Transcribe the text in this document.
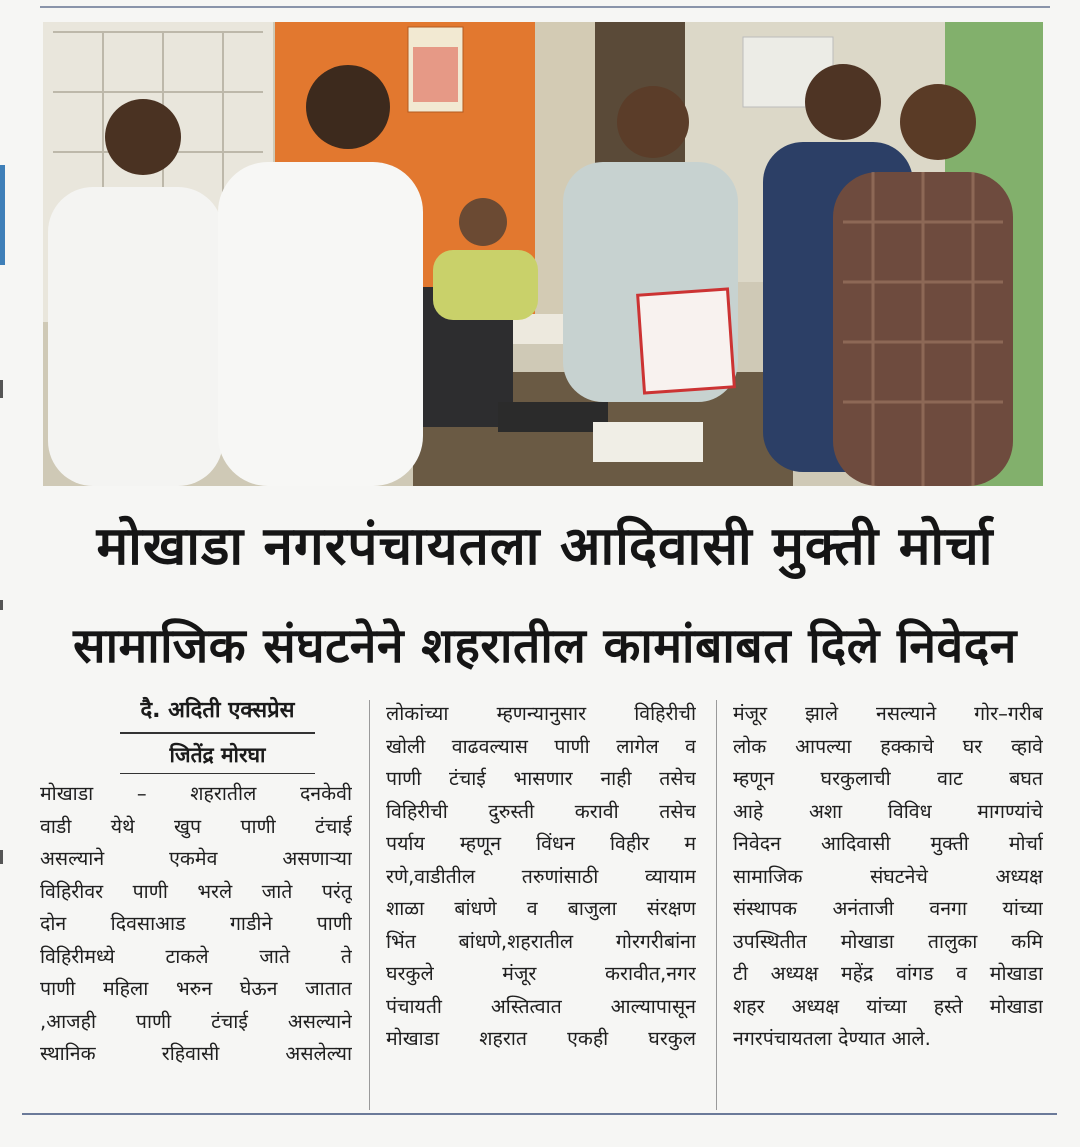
मोखाडा नगरपंचायतला आदिवासी मुक्ती मोर्चा
सामाजिक संघटनेने शहरातील कामांबाबत दिले निवेदन
दै. अदिती एक्सप्रेस
जितेंद्र मोरघा
मोखाडा – शहरातील दनकेवी
वाडी येथे खुप पाणी टंचाई
असल्याने एकमेव असणाऱ्या
विहिरीवर पाणी भरले जाते परंतू
दोन दिवसाआड गाडीने पाणी
विहिरीमध्ये टाकले जाते ते
पाणी महिला भरुन घेऊन जातात
,आजही पाणी टंचाई असल्याने
स्थानिक रहिवासी असलेल्या
लोकांच्या म्हणन्यानुसार विहिरीची
खोली वाढवल्यास पाणी लागेल व
पाणी टंचाई भासणार नाही तसेच
विहिरीची दुरुस्ती करावी तसेच
पर्याय म्हणून विंधन विहीर म
रणे,वाडीतील तरुणांसाठी व्यायाम
शाळा बांधणे व बाजुला संरक्षण
भिंत बांधणे,शहरातील गोरगरीबांना
घरकुले मंजूर करावीत,नगर
पंचायती अस्तित्वात आल्यापासून
मोखाडा शहरात एकही घरकुल
मंजूर झाले नसल्याने गोर–गरीब
लोक आपल्या हक्काचे घर व्हावे
म्हणून घरकुलाची वाट बघत
आहे अशा विविध मागण्यांचे
निवेदन आदिवासी मुक्ती मोर्चा
सामाजिक संघटनेचे अध्यक्ष
संस्थापक अनंताजी वनगा यांच्या
उपस्थितीत मोखाडा तालुका कमि
टी अध्यक्ष महेंद्र वांगड व मोखाडा
शहर अध्यक्ष यांच्या हस्ते मोखाडा
नगरपंचायतला देण्यात आले.
